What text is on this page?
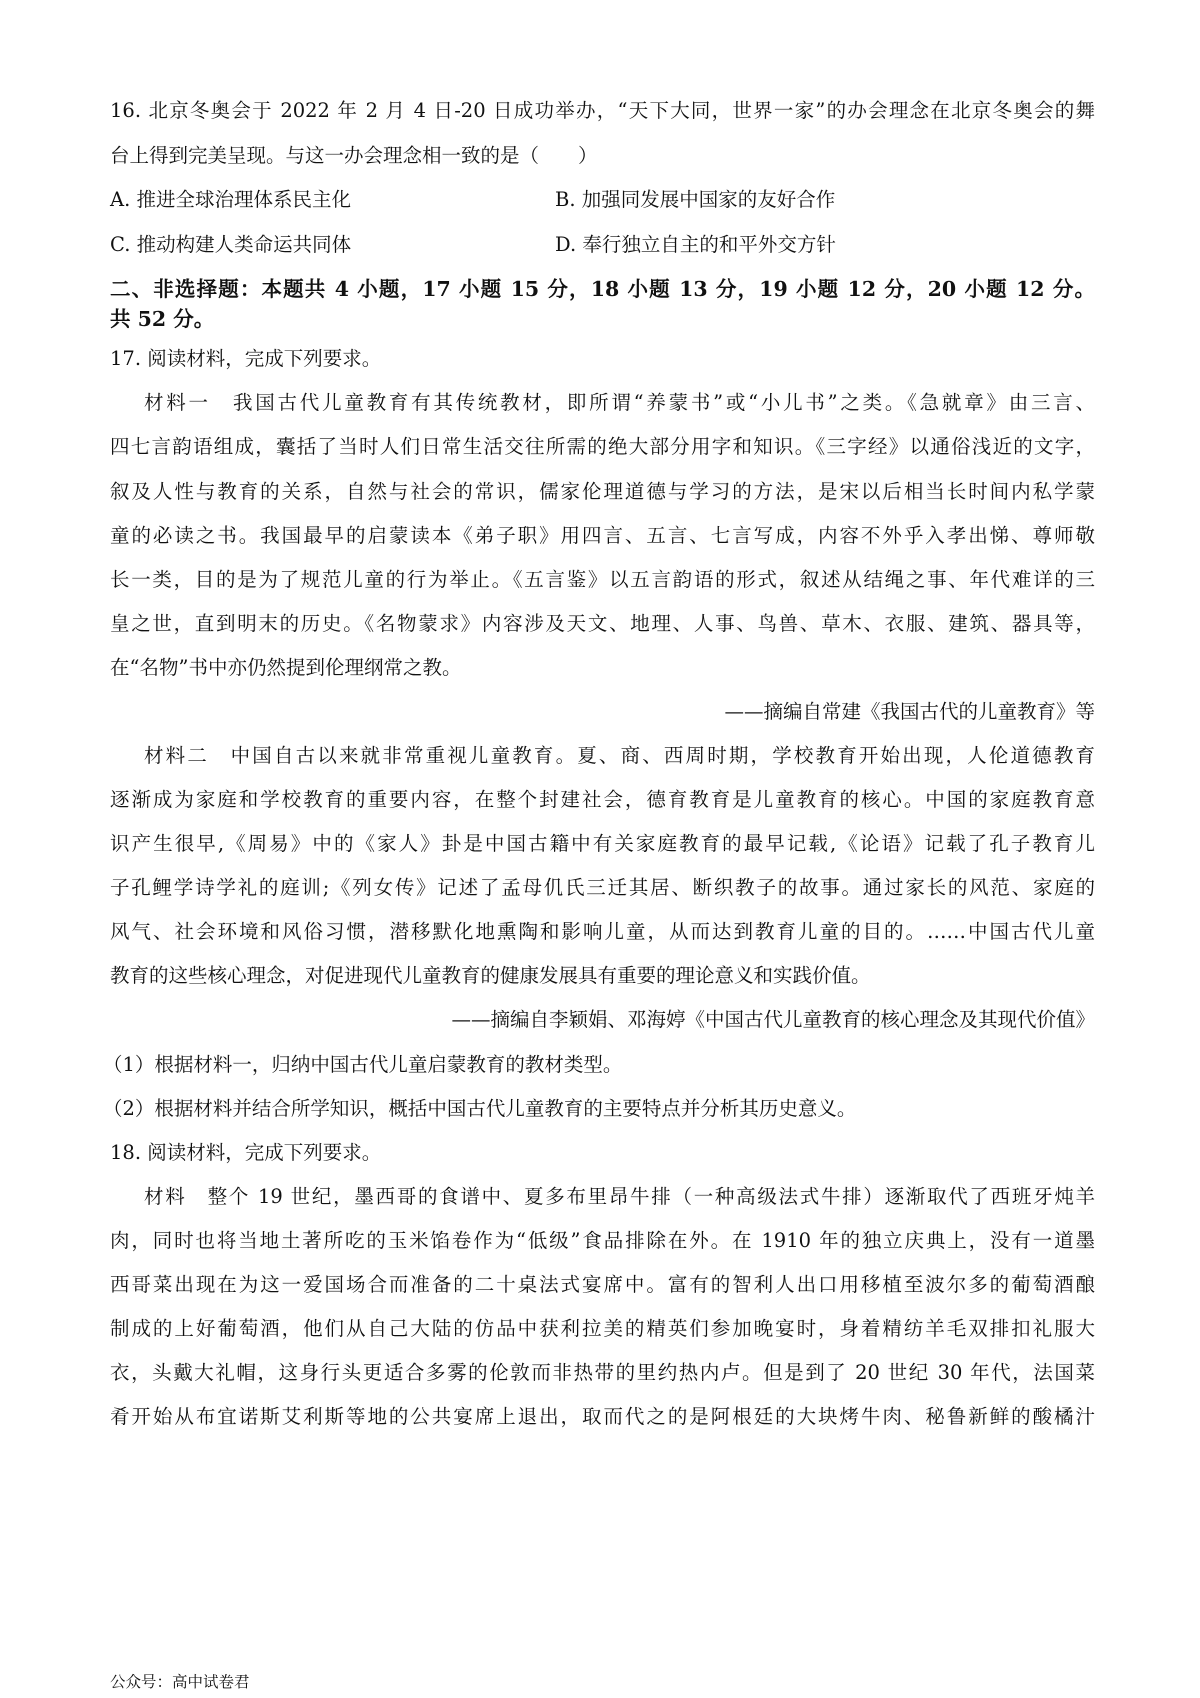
16. 北京冬奥会于 2022 年 2 月 4 日-20 日成功举办，“天下大同，世界一家”的办会理念在北京冬奥会的舞
台上得到完美呈现。与这一办会理念相一致的是（　　）
A. 推进全球治理体系民主化	B. 加强同发展中国家的友好合作
C. 推动构建人类命运共同体	D. 奉行独立自主的和平外交方针
二、非选择题：本题共 4 小题，17 小题 15 分，18 小题 13 分，19 小题 12 分，20 小题 12 分。
共 52 分。
17. 阅读材料，完成下列要求。
材料一　我国古代儿童教育有其传统教材，即所谓“养蒙书”或“小儿书”之类。《急就章》由三言、
四七言韵语组成，囊括了当时人们日常生活交往所需的绝大部分用字和知识。《三字经》以通俗浅近的文字，
叙及人性与教育的关系，自然与社会的常识，儒家伦理道德与学习的方法，是宋以后相当长时间内私学蒙
童的必读之书。我国最早的启蒙读本《弟子职》用四言、五言、七言写成，内容不外乎入孝出悌、尊师敬
长一类，目的是为了规范儿童的行为举止。《五言鉴》以五言韵语的形式，叙述从结绳之事、年代难详的三
皇之世，直到明末的历史。《名物蒙求》内容涉及天文、地理、人事、鸟兽、草木、衣服、建筑、器具等，
在“名物”书中亦仍然提到伦理纲常之教。
——摘编自常建《我国古代的儿童教育》等
材料二　中国自古以来就非常重视儿童教育。夏、商、西周时期，学校教育开始出现，人伦道德教育
逐渐成为家庭和学校教育的重要内容，在整个封建社会，德育教育是儿童教育的核心。中国的家庭教育意
识产生很早,《周易》中的《家人》卦是中国古籍中有关家庭教育的最早记载,《论语》记载了孔子教育儿
子孔鲤学诗学礼的庭训;《列女传》记述了孟母仉氏三迁其居、断织教子的故事。通过家长的风范、家庭的
风气、社会环境和风俗习惯，潜移默化地熏陶和影响儿童，从而达到教育儿童的目的。……中国古代儿童
教育的这些核心理念，对促进现代儿童教育的健康发展具有重要的理论意义和实践价值。
——摘编自李颖娟、邓海婷《中国古代儿童教育的核心理念及其现代价值》
（1）根据材料一，归纳中国古代儿童启蒙教育的教材类型。
（2）根据材料并结合所学知识，概括中国古代儿童教育的主要特点并分析其历史意义。
18. 阅读材料，完成下列要求。
材料　整个 19 世纪，墨西哥的食谱中、夏多布里昂牛排（一种高级法式牛排）逐渐取代了西班牙炖羊
肉，同时也将当地土著所吃的玉米馅卷作为“低级”食品排除在外。在 1910 年的独立庆典上，没有一道墨
西哥菜出现在为这一爱国场合而准备的二十桌法式宴席中。富有的智利人出口用移植至波尔多的葡萄酒酿
制成的上好葡萄酒，他们从自己大陆的仿品中获利拉美的精英们参加晚宴时，身着精纺羊毛双排扣礼服大
衣，头戴大礼帽，这身行头更适合多雾的伦敦而非热带的里约热内卢。但是到了 20 世纪 30 年代，法国菜
肴开始从布宜诺斯艾利斯等地的公共宴席上退出，取而代之的是阿根廷的大块烤牛肉、秘鲁新鲜的酸橘汁
公众号：高中试卷君
